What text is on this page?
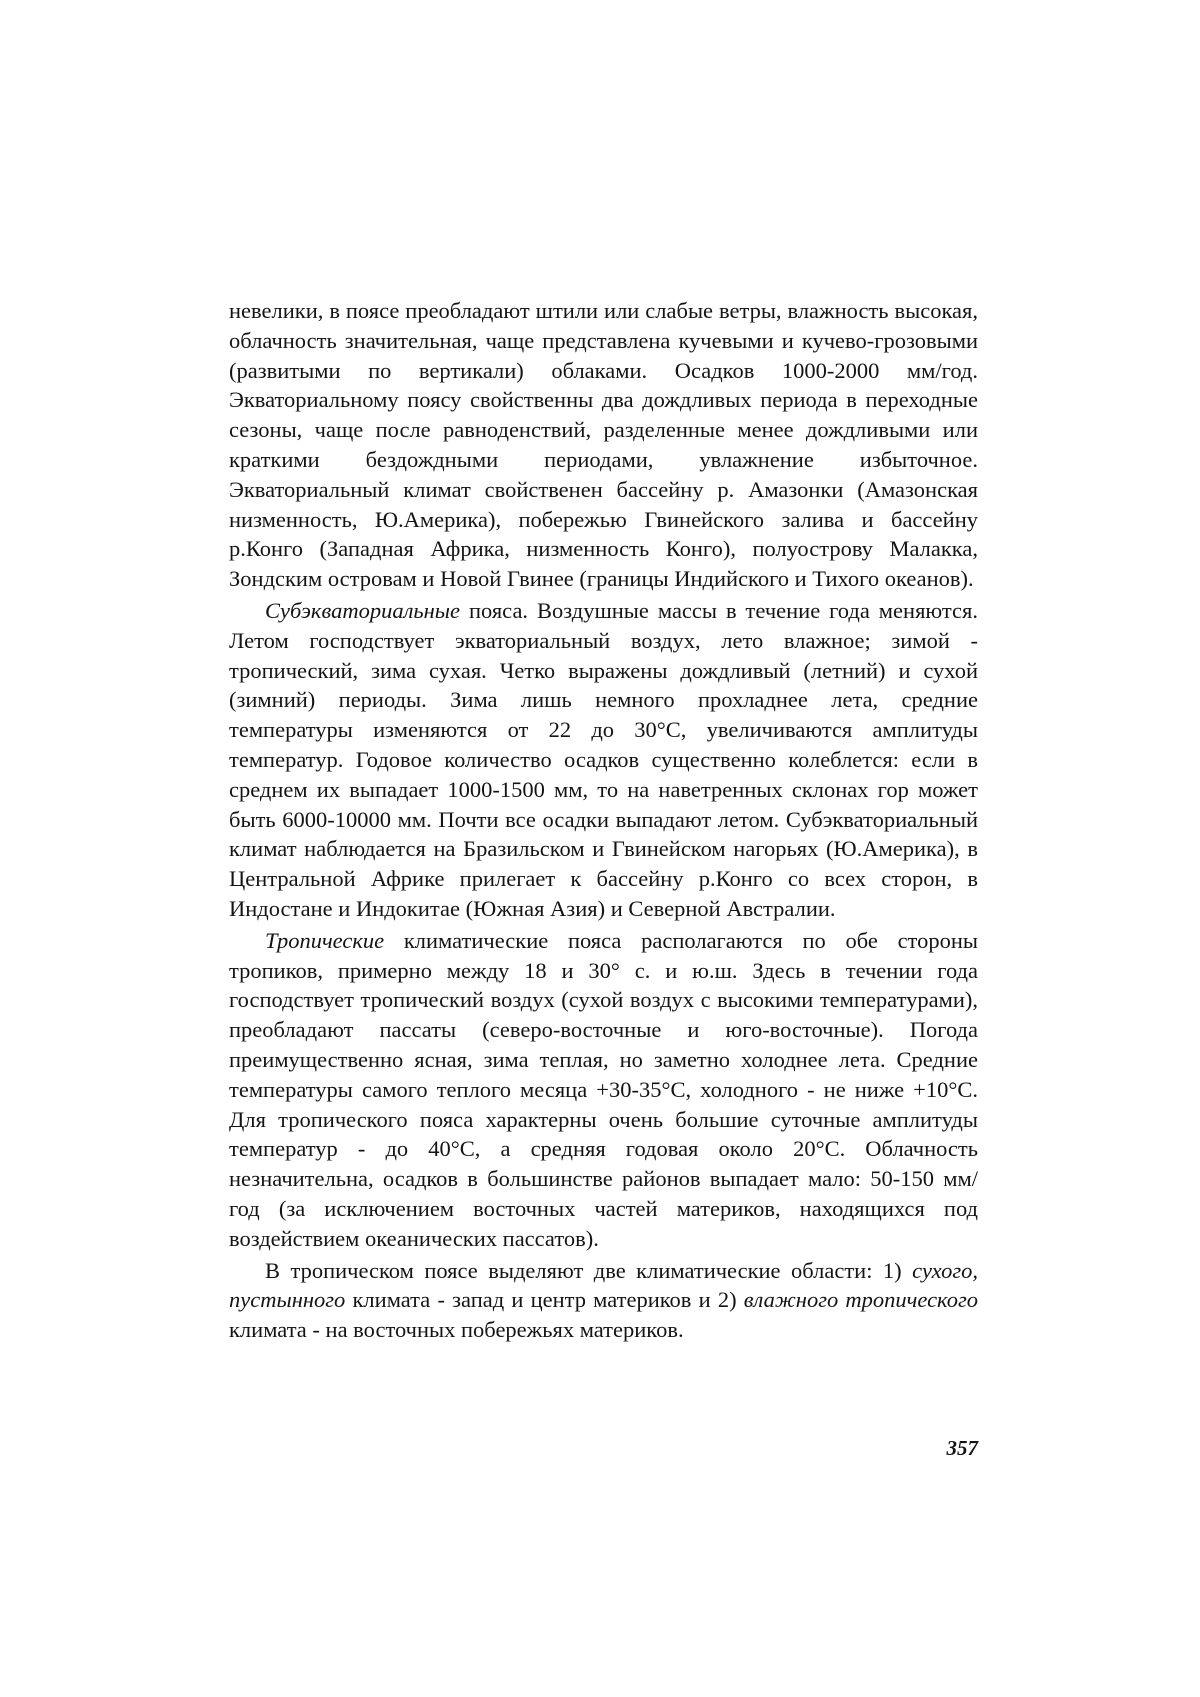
невелики, в поясе преобладают штили или слабые ветры, влажность высокая, облачность значительная, чаще представлена кучевыми и кучево-грозовыми (развитыми по вертикали) облаками. Осадков 1000-2000 мм/год. Экваториальному поясу свойственны два дождливых периода в переходные сезоны, чаще после равноденствий, разделенные менее дождливыми или краткими бездождными периодами, увлажнение избыточное. Экваториальный климат свойственен бассейну р. Амазонки (Амазонская низменность, Ю.Америка), побережью Гвинейского залива и бассейну р.Конго (Западная Африка, низменность Конго), полуострову Малакка, Зондским островам и Новой Гвинее (границы Индийского и Тихого океанов).

Субэкваториальные пояса. Воздушные массы в течение года меняются. Летом господствует экваториальный воздух, лето влажное; зимой - тропический, зима сухая. Четко выражены дождливый (летний) и сухой (зимний) периоды. Зима лишь немного прохладнее лета, средние температуры изменяются от 22 до 30°С, увеличиваются амплитуды температур. Годовое количество осадков существенно колеблется: если в среднем их выпадает 1000-1500 мм, то на наветренных склонах гор может быть 6000-10000 мм. Почти все осадки выпадают летом. Субэкваториальный климат наблюдается на Бразильском и Гвинейском нагорьях (Ю.Америка), в Центральной Африке прилегает к бассейну р.Конго со всех сторон, в Индостане и Индокитае (Южная Азия) и Северной Австралии.

Тропические климатические пояса располагаются по обе стороны тропиков, примерно между 18 и 30° с. и ю.ш. Здесь в течении года господствует тропический воздух (сухой воздух с высокими температурами), преобладают пассаты (северо-восточные и юго-восточные). Погода преимущественно ясная, зима теплая, но заметно холоднее лета. Средние температуры самого теплого месяца +30-35°С, холодного - не ниже +10°С. Для тропического пояса характерны очень большие суточные амплитуды температур - до 40°С, а средняя годовая около 20°С. Облачность незначительна, осадков в большинстве районов выпадает мало: 50-150 мм/год (за исключением восточных частей материков, находящихся под воздействием океанических пассатов).

В тропическом поясе выделяют две климатические области: 1) сухого, пустынного климата - запад и центр материков и 2) влажного тропического климата - на восточных побережьях материков.

357
